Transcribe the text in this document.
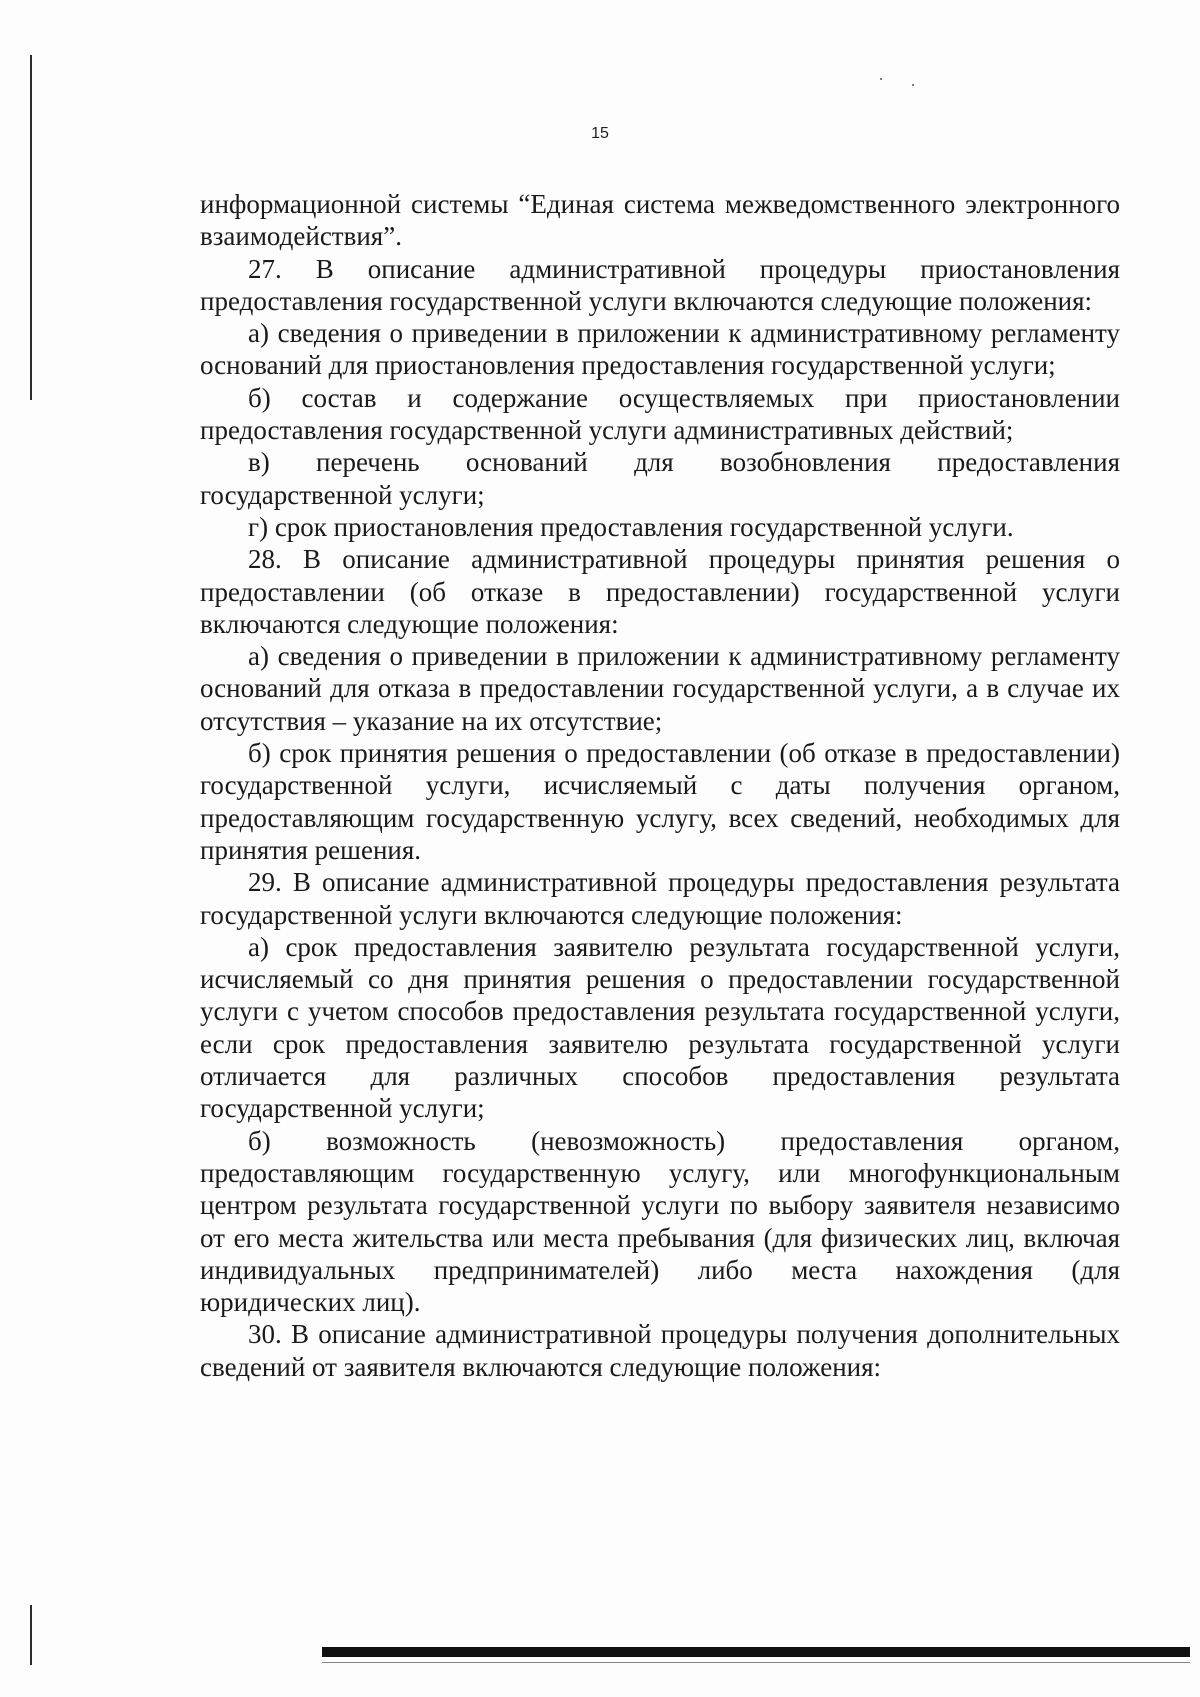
15

информационной системы “Единая система межведомственного электронного взаимодействия”.

27. В описание административной процедуры приостановления предоставления государственной услуги включаются следующие положения:

а) сведения о приведении в приложении к административному регламенту оснований для приостановления предоставления государственной услуги;

б) состав и содержание осуществляемых при приостановлении предоставления государственной услуги административных действий;

в) перечень оснований для возобновления предоставления государственной услуги;

г) срок приостановления предоставления государственной услуги.

28. В описание административной процедуры принятия решения о предоставлении (об отказе в предоставлении) государственной услуги включаются следующие положения:

а) сведения о приведении в приложении к административному регламенту оснований для отказа в предоставлении государственной услуги, а в случае их отсутствия – указание на их отсутствие;

б) срок принятия решения о предоставлении (об отказе в предоставлении) государственной услуги, исчисляемый с даты получения органом, предоставляющим государственную услугу, всех сведений, необходимых для принятия решения.

29. В описание административной процедуры предоставления результата государственной услуги включаются следующие положения:

а) срок предоставления заявителю результата государственной услуги, исчисляемый со дня принятия решения о предоставлении государственной услуги с учетом способов предоставления результата государственной услуги, если срок предоставления заявителю результата государственной услуги отличается для различных способов предоставления результата государственной услуги;

б) возможность (невозможность) предоставления органом, предоставляющим государственную услугу, или многофункциональным центром результата государственной услуги по выбору заявителя независимо от его места жительства или места пребывания (для физических лиц, включая индивидуальных предпринимателей) либо места нахождения (для юридических лиц).

30. В описание административной процедуры получения дополнительных сведений от заявителя включаются следующие положения:
